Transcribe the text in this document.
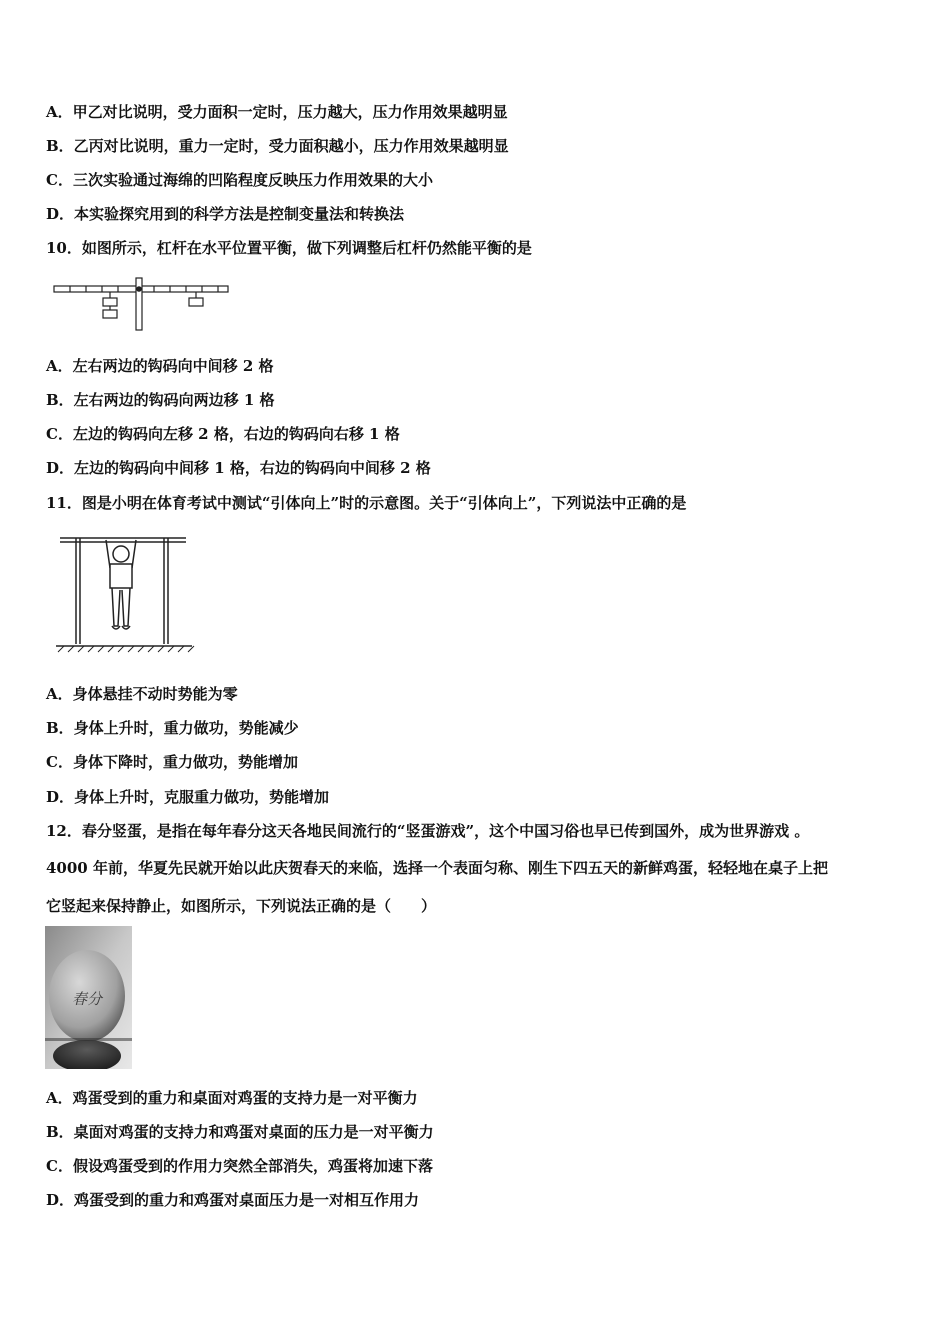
A．甲乙对比说明，受力面积一定时，压力越大，压力作用效果越明显
B．乙丙对比说明，重力一定时，受力面积越小，压力作用效果越明显
C．三次实验通过海绵的凹陷程度反映压力作用效果的大小
D．本实验探究用到的科学方法是控制变量法和转换法
10．如图所示，杠杆在水平位置平衡，做下列调整后杠杆仍然能平衡的是
A．左右两边的钩码向中间移 2 格
B．左右两边的钩码向两边移 1 格
C．左边的钩码向左移 2 格，右边的钩码向右移 1 格
D．左边的钩码向中间移 1 格，右边的钩码向中间移 2 格
11．图是小明在体育考试中测试“引体向上”时的示意图。关于“引体向上”，下列说法中正确的是
A．身体悬挂不动时势能为零
B．身体上升时，重力做功，势能减少
C．身体下降时，重力做功，势能增加
D．身体上升时，克服重力做功，势能增加
12．春分竖蛋，是指在每年春分这天各地民间流行的“竖蛋游戏”，这个中国习俗也早已传到国外，成为世界游戏 。
4000 年前，华夏先民就开始以此庆贺春天的来临，选择一个表面匀称、刚生下四五天的新鲜鸡蛋，轻轻地在桌子上把
它竖起来保持静止，如图所示，下列说法正确的是（　　）
春分
A．鸡蛋受到的重力和桌面对鸡蛋的支持力是一对平衡力
B．桌面对鸡蛋的支持力和鸡蛋对桌面的压力是一对平衡力
C．假设鸡蛋受到的作用力突然全部消失，鸡蛋将加速下落
D．鸡蛋受到的重力和鸡蛋对桌面压力是一对相互作用力
